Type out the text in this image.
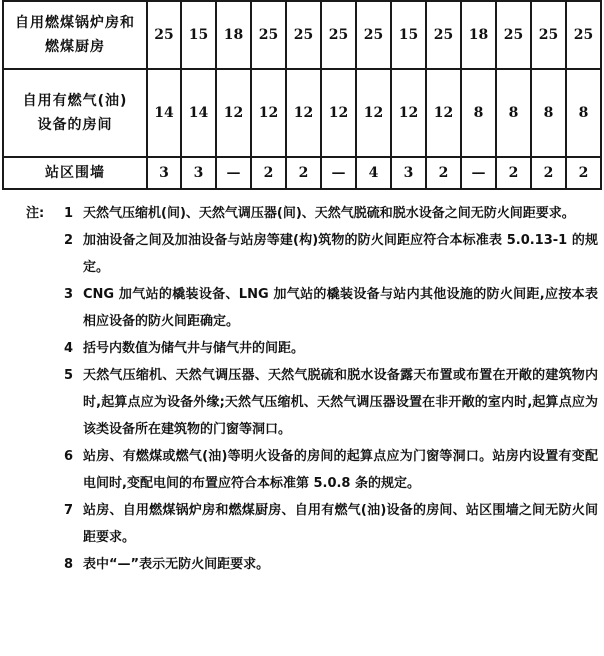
自用燃煤锅炉房和
燃煤厨房	25	15	18	25	25	25	25	15	25	18	25	25	25

自用有燃气(油)
设备的房间	14	14	12	12	12	12	12	12	12	8	8	8	8

站区围墙	3	3	—	2	2	—	4	3	2	—	2	2	2
注: 1 天然气压缩机(间)、天然气调压器(间)、天然气脱硫和脱水设备之间无防火间距要求。
2 加油设备之间及加油设备与站房等建(构)筑物的防火间距应符合本标准表 5.0.13-1 的规定。
3 CNG 加气站的橇装设备、LNG 加气站的橇装设备与站内其他设施的防火间距,应按本表相应设备的防火间距确定。
4 括号内数值为储气井与储气井的间距。
5 天然气压缩机、天然气调压器、天然气脱硫和脱水设备露天布置或布置在开敞的建筑物内时,起算点应为设备外缘;天然气压缩机、天然气调压器设置在非开敞的室内时,起算点应为该类设备所在建筑物的门窗等洞口。
6 站房、有燃煤或燃气(油)等明火设备的房间的起算点应为门窗等洞口。站房内设置有变配电间时,变配电间的布置应符合本标准第 5.0.8 条的规定。
7 站房、自用燃煤锅炉房和燃煤厨房、自用有燃气(油)设备的房间、站区围墙之间无防火间距要求。
8 表中“—”表示无防火间距要求。
